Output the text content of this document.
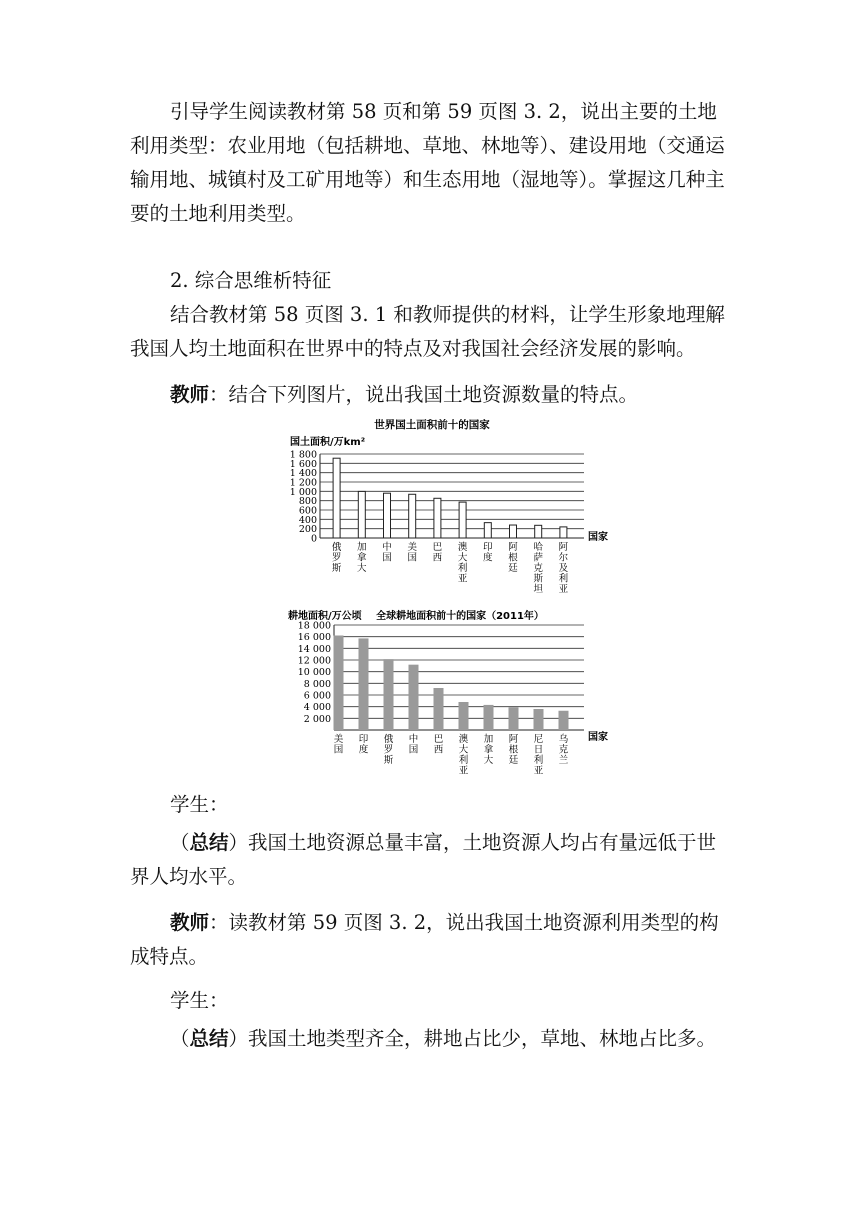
引导学生阅读教材第 58 页和第 59 页图 3. 2，说出主要的土地利用类型：农业用地（包括耕地、草地、林地等）、建设用地（交通运输用地、城镇村及工矿用地等）和生态用地（湿地等）。掌握这几种主要的土地利用类型。

2. 综合思维析特征

结合教材第 58 页图 3. 1 和教师提供的材料，让学生形象地理解我国人均土地面积在世界中的特点及对我国社会经济发展的影响。

教师：结合下列图片，说出我国土地资源数量的特点。

世界国土面积前十的国家
国土面积/万km²
0
200
400
600
800
1 000
1 200
1 400
1 600
1 800
俄罗斯
加拿大
中国
美国
巴西
澳大利亚
印度
阿根廷
哈萨克斯坦
阿尔及利亚
国家
耕地面积/万公顷 全球耕地面积前十的国家（2011年）
2 000
4 000
6 000
8 000
10 000
12 000
14 000
16 000
18 000
美国
印度
俄罗斯
中国
巴西
澳大利亚
加拿大
阿根廷
尼日利亚
乌克兰
国家

学生：

（总结）我国土地资源总量丰富，土地资源人均占有量远低于世界人均水平。

教师：读教材第 59 页图 3. 2，说出我国土地资源利用类型的构成特点。

学生：

（总结）我国土地类型齐全，耕地占比少，草地、林地占比多。
